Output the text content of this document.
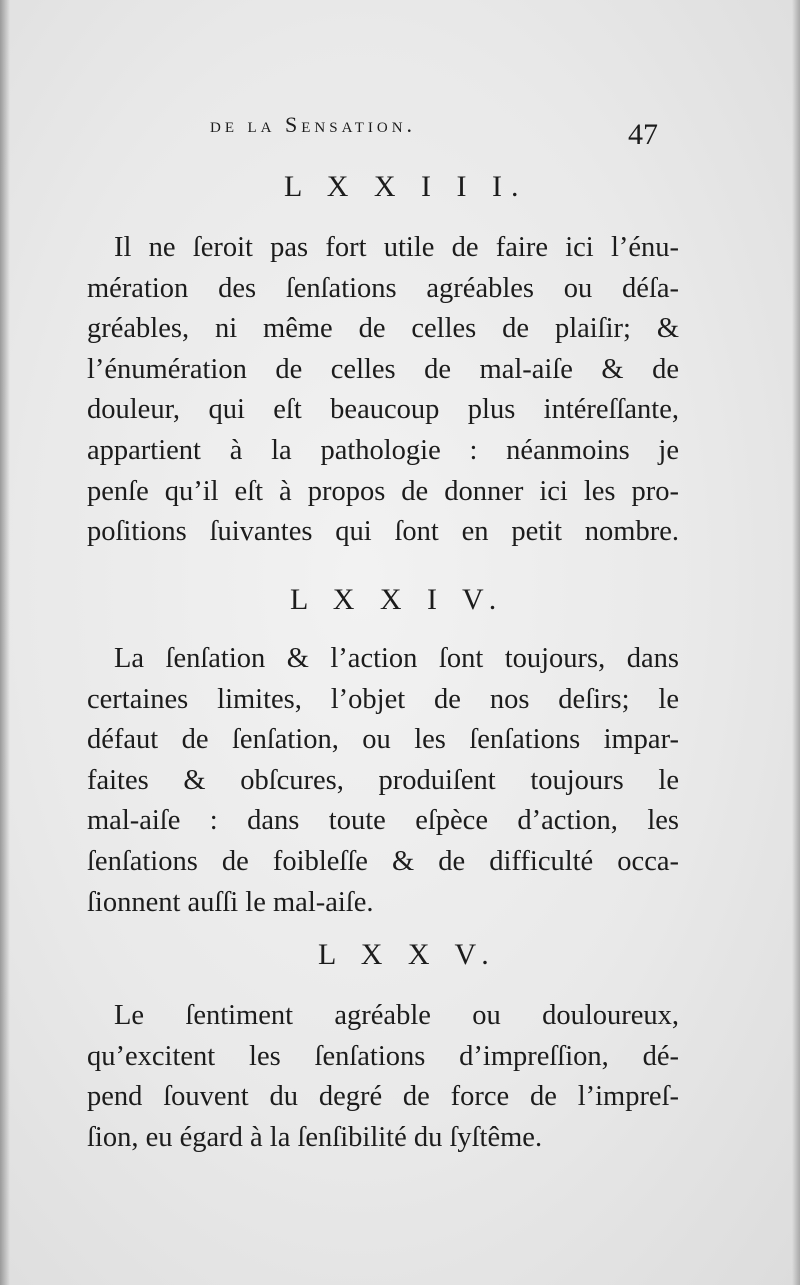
de la Sensation.	47
L X X I I I.
Il ne ſeroit pas fort utile de faire ici l’énu-
mération des ſenſations agréables ou déſa-
gréables, ni même de celles de plaiſir; &
l’énumération de celles de mal-aiſe & de
douleur, qui eſt beaucoup plus intéreſſante,
appartient à la pathologie : néanmoins je
penſe qu’il eſt à propos de donner ici les pro-
poſitions ſuivantes qui ſont en petit nombre.
L X X I V.
La ſenſation & l’action ſont toujours, dans
certaines limites, l’objet de nos deſirs; le
défaut de ſenſation, ou les ſenſations impar-
faites & obſcures, produiſent toujours le
mal-aiſe : dans toute eſpèce d’action, les
ſenſations de foibleſſe & de difficulté occa-
ſionnent auſſi le mal-aiſe.
L X X V.
Le ſentiment agréable ou douloureux,
qu’excitent les ſenſations d’impreſſion, dé-
pend ſouvent du degré de force de l’impreſ-
ſion, eu égard à la ſenſibilité du ſyſtême.
